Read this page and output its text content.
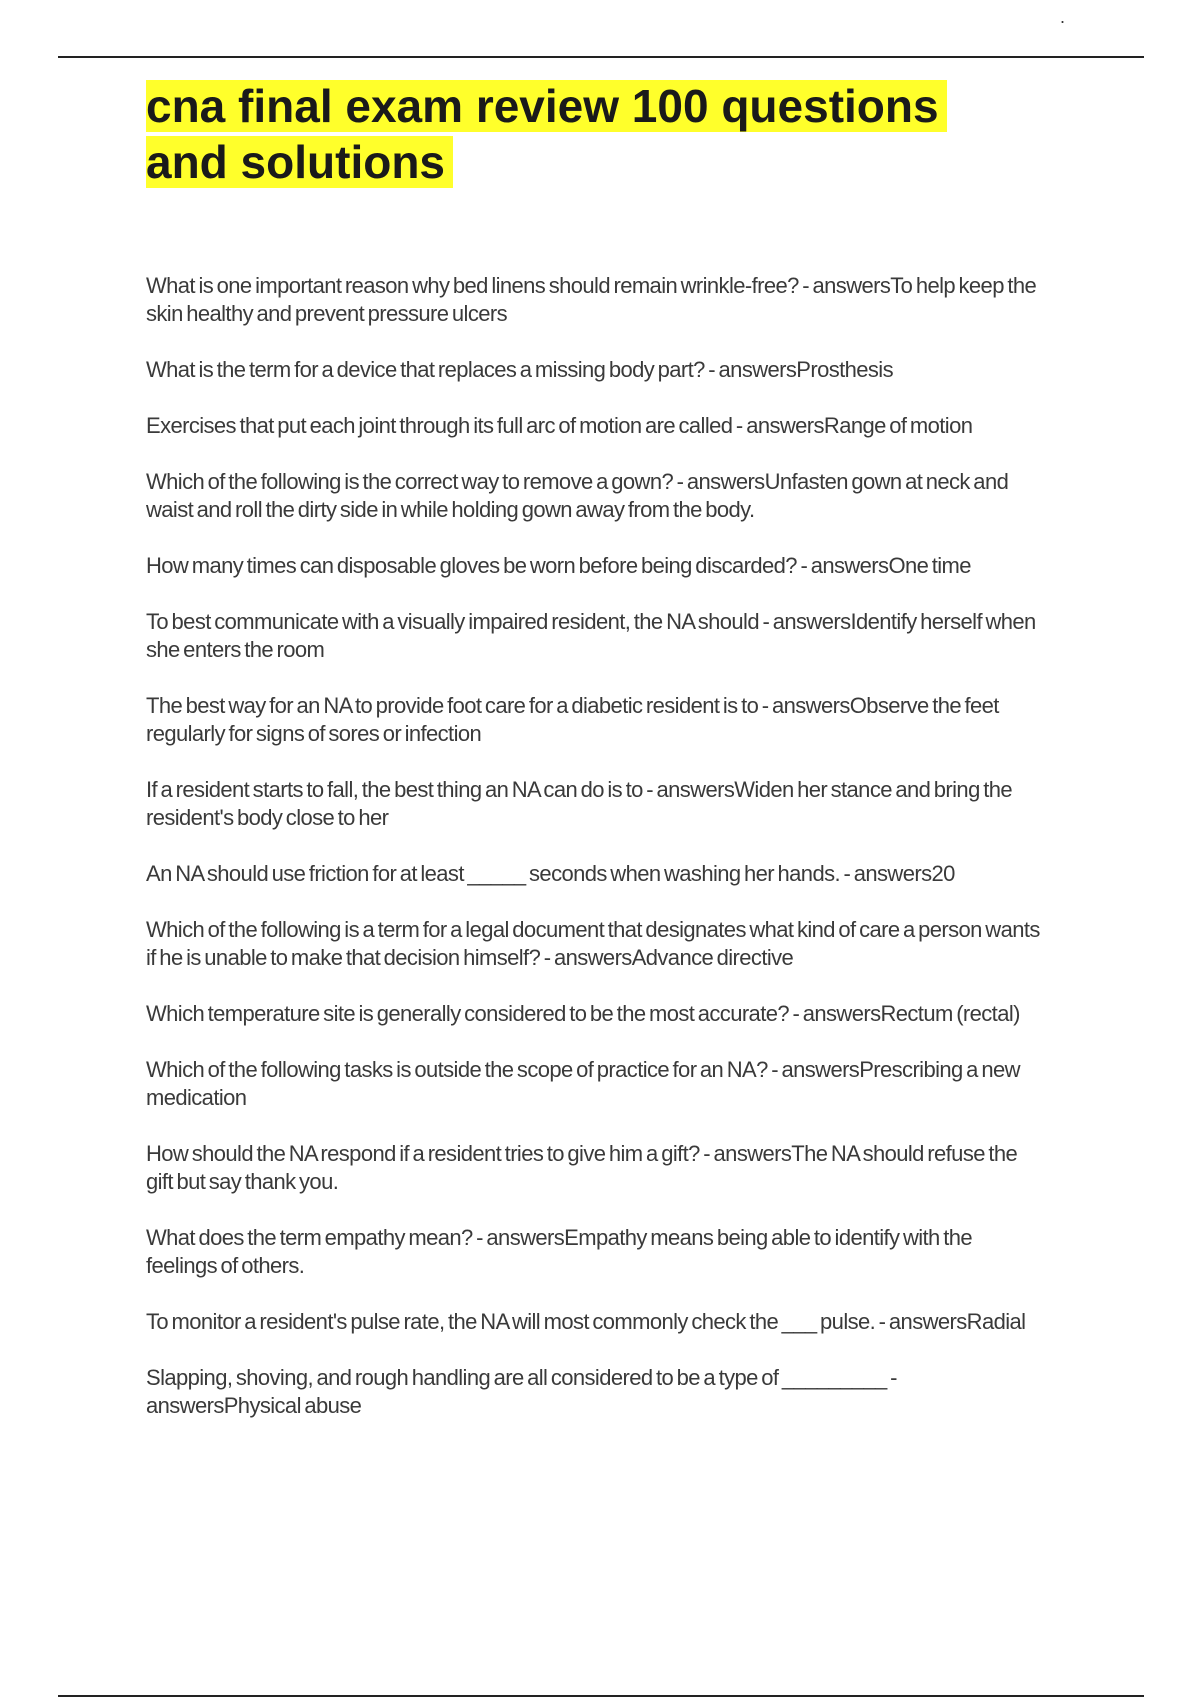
.
cna final exam review 100 questions and solutions
What is one important reason why bed linens should remain wrinkle-free? - answersTo help keep the skin healthy and prevent pressure ulcers
What is the term for a device that replaces a missing body part? - answersProsthesis
Exercises that put each joint through its full arc of motion are called - answersRange of motion
Which of the following is the correct way to remove a gown? - answersUnfasten gown at neck and waist and roll the dirty side in while holding gown away from the body.
How many times can disposable gloves be worn before being discarded? - answersOne time
To best communicate with a visually impaired resident, the NA should - answersIdentify herself when she enters the room
The best way for an NA to provide foot care for a diabetic resident is to - answersObserve the feet regularly for signs of sores or infection
If a resident starts to fall, the best thing an NA can do is to - answersWiden her stance and bring the resident's body close to her
An NA should use friction for at least _____ seconds when washing her hands. - answers20
Which of the following is a term for a legal document that designates what kind of care a person wants if he is unable to make that decision himself? - answersAdvance directive
Which temperature site is generally considered to be the most accurate? - answersRectum (rectal)
Which of the following tasks is outside the scope of practice for an NA? - answersPrescribing a new medication
How should the NA respond if a resident tries to give him a gift? - answersThe NA should refuse the gift but say thank you.
What does the term empathy mean? - answersEmpathy means being able to identify with the feelings of others.
To monitor a resident's pulse rate, the NA will most commonly check the ___ pulse. - answersRadial
Slapping, shoving, and rough handling are all considered to be a type of _________ - answersPhysical abuse
